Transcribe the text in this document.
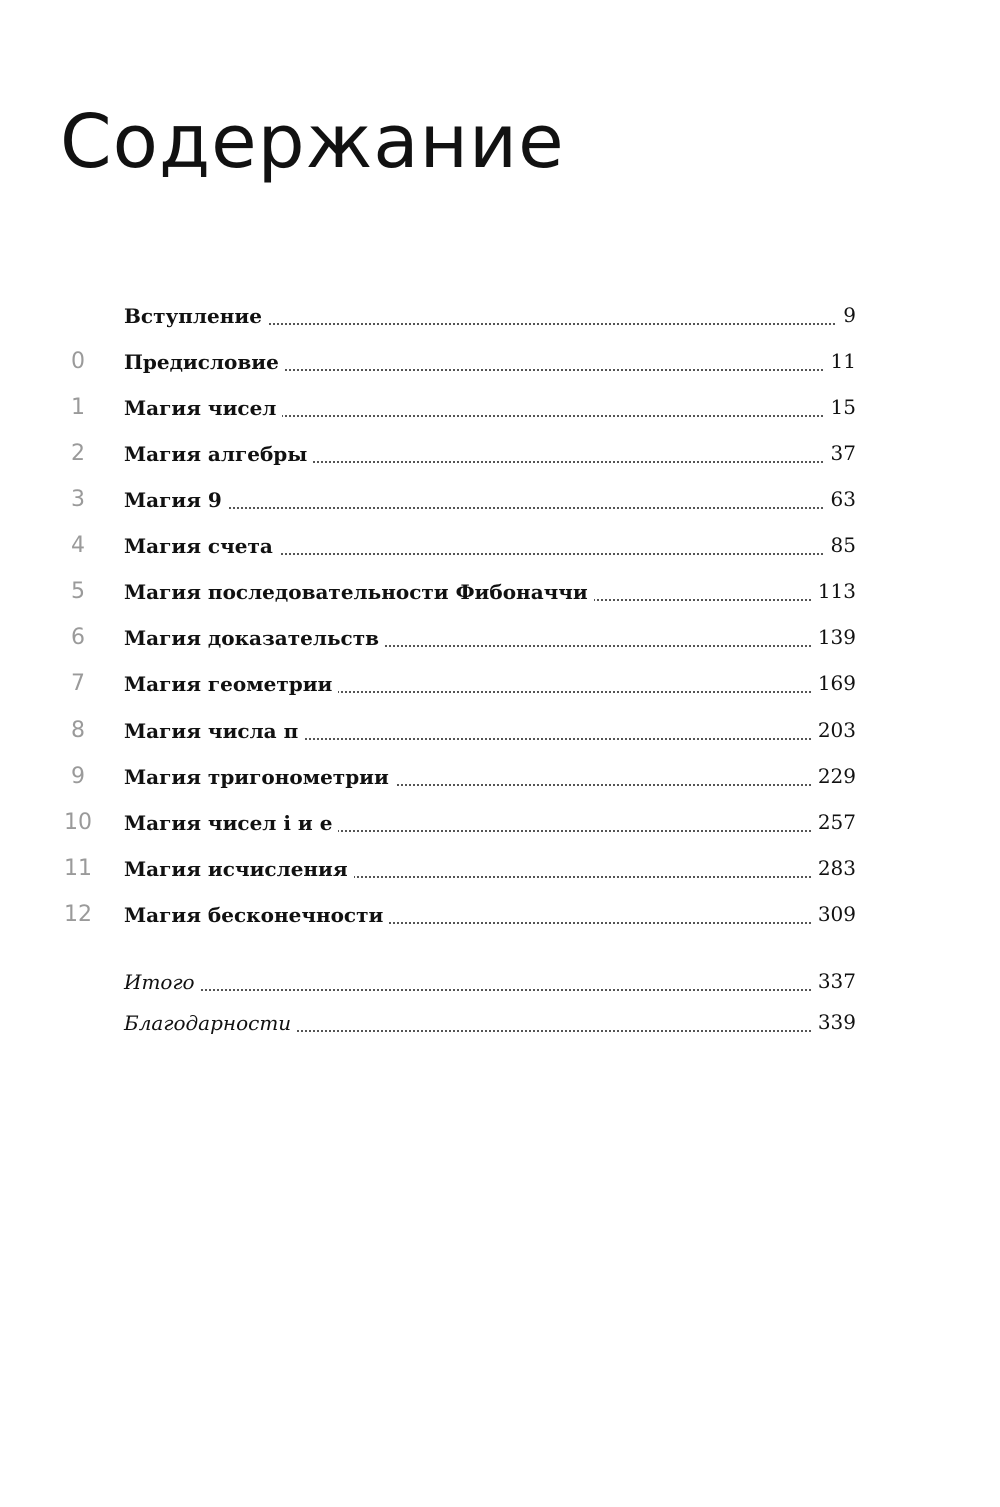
Содержание
Вступление	9
0	Предисловие	11
1	Магия чисел	15
2	Магия алгебры	37
3	Магия 9	63
4	Магия счета	85
5	Магия последовательности Фибоначчи	113
6	Магия доказательств	139
7	Магия геометрии	169
8	Магия числа π	203
9	Магия тригонометрии	229
10	Магия чисел i и e	257
11	Магия исчисления	283
12	Магия бесконечности	309
Итого	337
Благодарности	339
